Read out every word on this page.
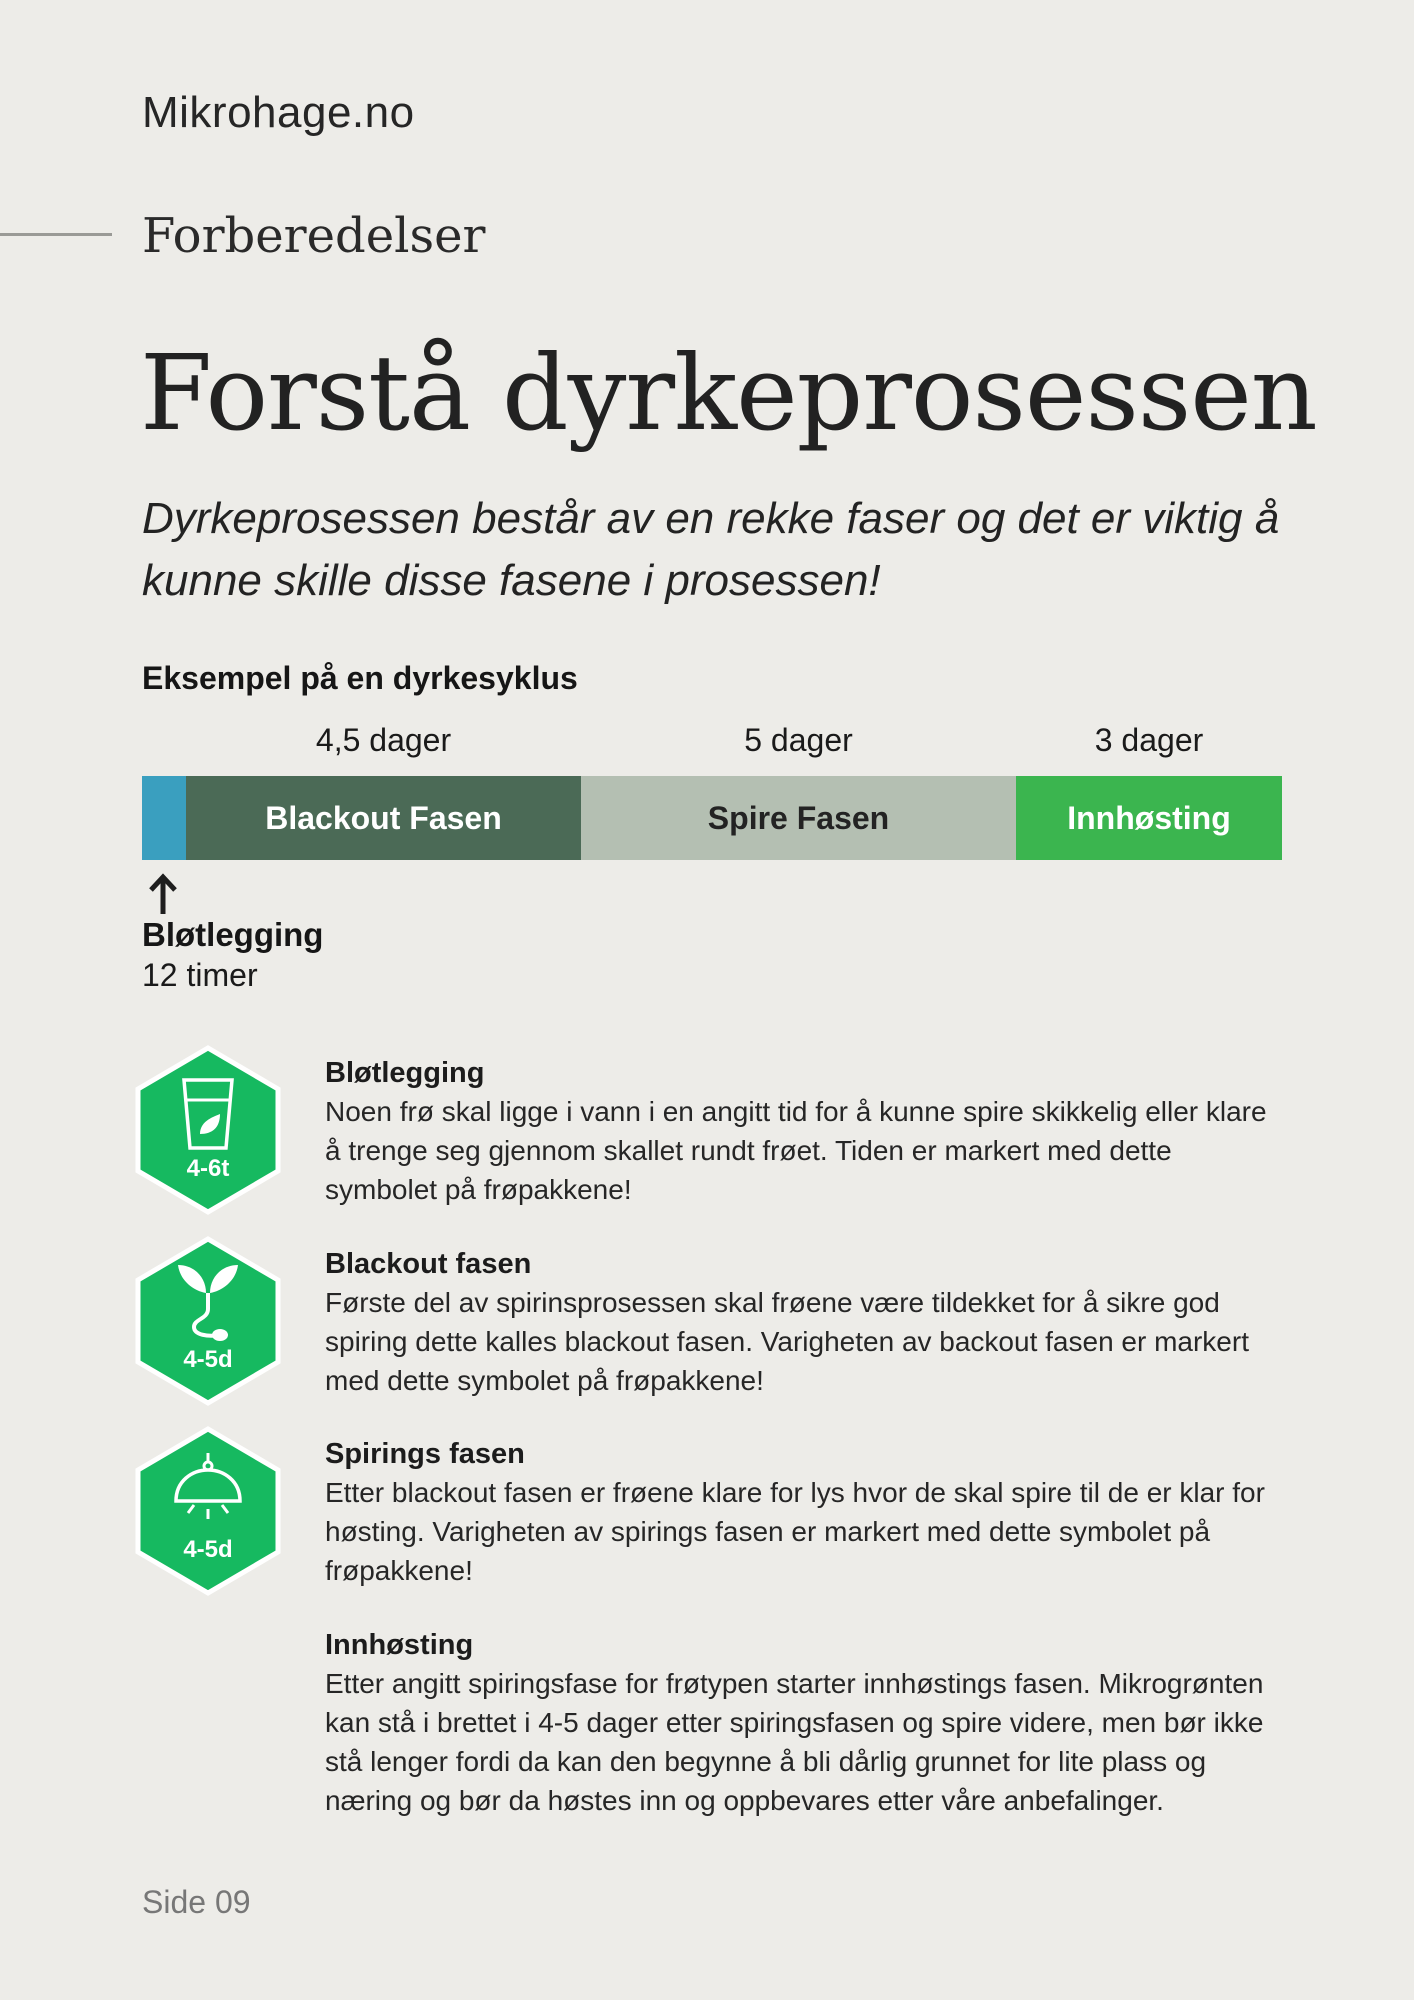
Mikrohage.no
Forberedelser
Forstå dyrkeprosessen
Dyrkeprosessen består av en rekke faser og det er viktig å kunne skille disse fasene i prosessen!
Eksempel på en dyrkesyklus
4,5 dager	5 dager	3 dager
Blackout Fasen	Spire Fasen	Innhøsting
Bløtlegging
12 timer
4-6t
Bløtlegging
Noen frø skal ligge i vann i en angitt tid for å kunne spire skikkelig eller klare å trenge seg gjennom skallet rundt frøet. Tiden er markert med dette symbolet på frøpakkene!
4-5d
Blackout fasen
Første del av spirinsprosessen skal frøene være tildekket for å sikre god spiring dette kalles blackout fasen. Varigheten av backout fasen er markert med dette symbolet på frøpakkene!
4-5d
Spirings fasen
Etter blackout fasen er frøene klare for lys hvor de skal spire til de er klar for høsting. Varigheten av spirings fasen er markert med dette symbolet på frøpakkene!
Innhøsting
Etter angitt spiringsfase for frøtypen starter innhøstings fasen. Mikrogrønten kan stå i brettet i 4-5 dager etter spiringsfasen og spire videre, men bør ikke stå lenger fordi da kan den begynne å bli dårlig grunnet for lite plass og næring og bør da høstes inn og oppbevares etter våre anbefalinger.
Side 09
